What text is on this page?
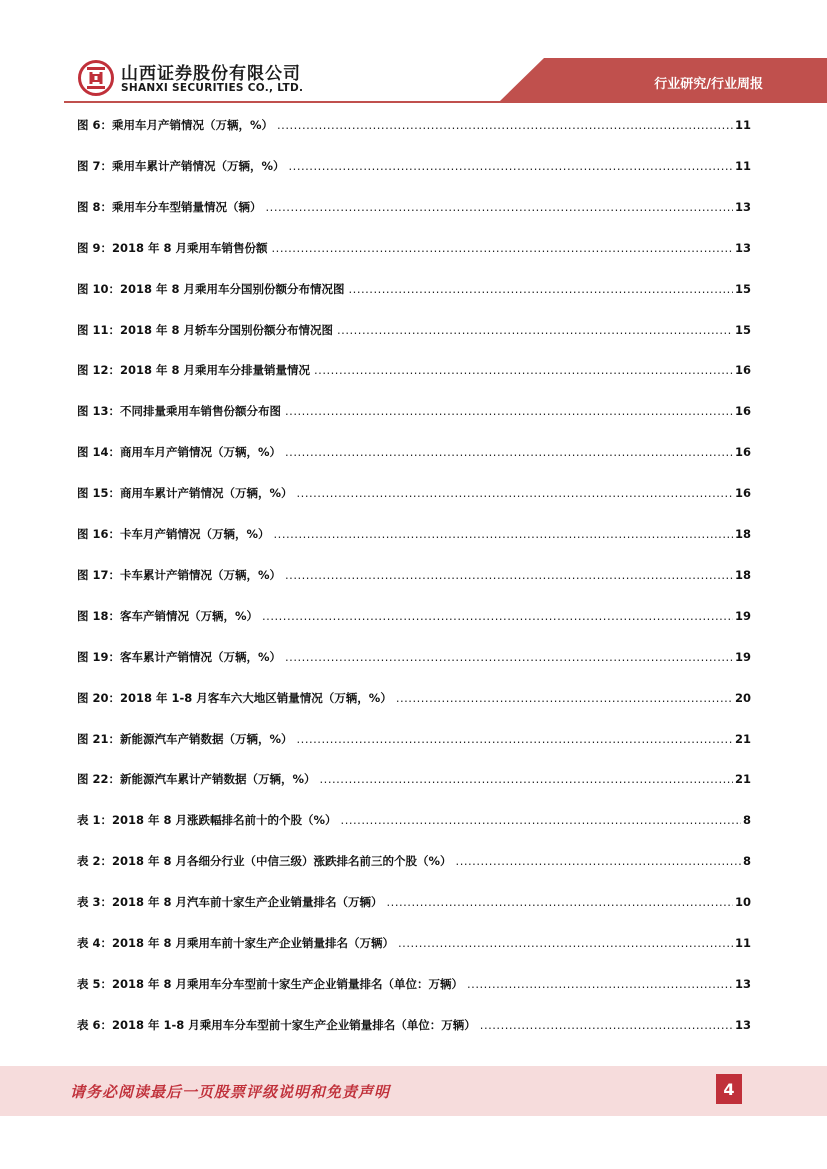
山西证券股份有限公司
SHANXI SECURITIES CO., LTD.	行业研究/行业周报
图 6：乘用车月产销情况（万辆，%） .....	11
图 7：乘用车累计产销情况（万辆，%） .....	11
图 8：乘用车分车型销量情况（辆） .....	13
图 9：2018 年 8 月乘用车销售份额 .....	13
图 10：2018 年 8 月乘用车分国别份额分布情况图 .....	15
图 11：2018 年 8 月轿车分国别份额分布情况图 .....	15
图 12：2018 年 8 月乘用车分排量销量情况 .....	16
图 13：不同排量乘用车销售份额分布图 .....	16
图 14：商用车月产销情况（万辆，%） .....	16
图 15：商用车累计产销情况（万辆，%） .....	16
图 16：卡车月产销情况（万辆，%） .....	18
图 17：卡车累计产销情况（万辆，%） .....	18
图 18：客车产销情况（万辆，%） .....	19
图 19：客车累计产销情况（万辆，%） .....	19
图 20：2018 年 1-8 月客车六大地区销量情况（万辆，%） .....	20
图 21：新能源汽车产销数据（万辆，%） .....	21
图 22：新能源汽车累计产销数据（万辆，%） .....	21
表 1：2018 年 8 月涨跌幅排名前十的个股（%） .....	8
表 2：2018 年 8 月各细分行业（中信三级）涨跌排名前三的个股（%） .....	8
表 3：2018 年 8 月汽车前十家生产企业销量排名（万辆） .....	10
表 4：2018 年 8 月乘用车前十家生产企业销量排名（万辆） .....	11
表 5：2018 年 8 月乘用车分车型前十家生产企业销量排名（单位：万辆） .....	13
表 6：2018 年 1-8 月乘用车分车型前十家生产企业销量排名（单位：万辆） .....	13
请务必阅读最后一页股票评级说明和免责声明	4
